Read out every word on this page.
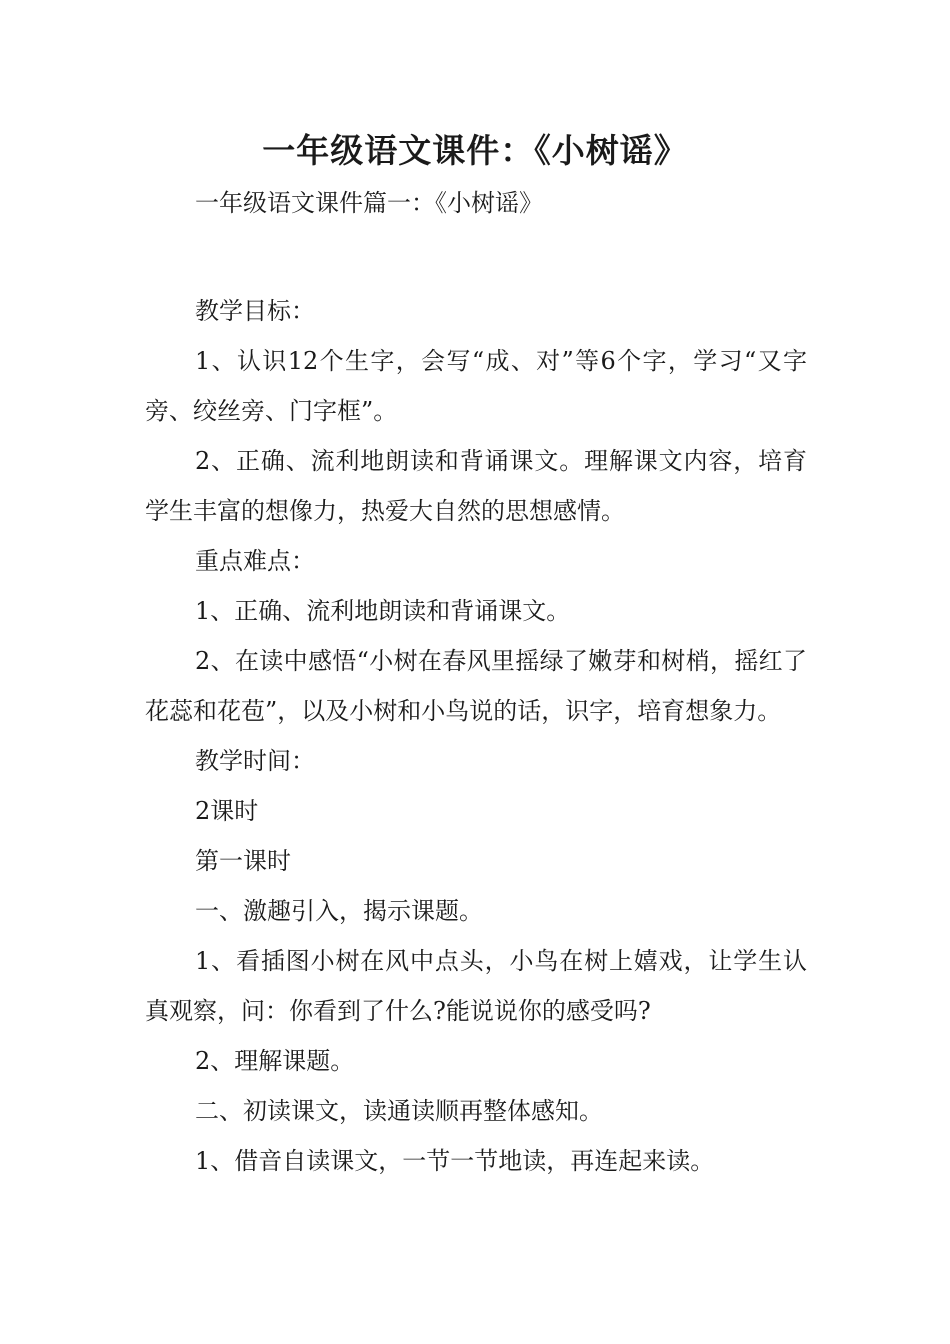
一年级语文课件：《小树谣》

一年级语文课件篇一：《小树谣》

教学目标：

1、认识12个生字，会写“成、对”等6个字，学习“又字旁、绞丝旁、门字框”。

2、正确、流利地朗读和背诵课文。理解课文内容，培育学生丰富的想像力，热爱大自然的思想感情。

重点难点：

1、正确、流利地朗读和背诵课文。

2、在读中感悟“小树在春风里摇绿了嫩芽和树梢，摇红了花蕊和花苞”，以及小树和小鸟说的话，识字，培育想象力。

教学时间：

2课时

第一课时

一、激趣引入，揭示课题。

1、看插图小树在风中点头，小鸟在树上嬉戏，让学生认真观察，问：你看到了什么?能说说你的感受吗?

2、理解课题。

二、初读课文，读通读顺再整体感知。

1、借音自读课文，一节一节地读，再连起来读。
